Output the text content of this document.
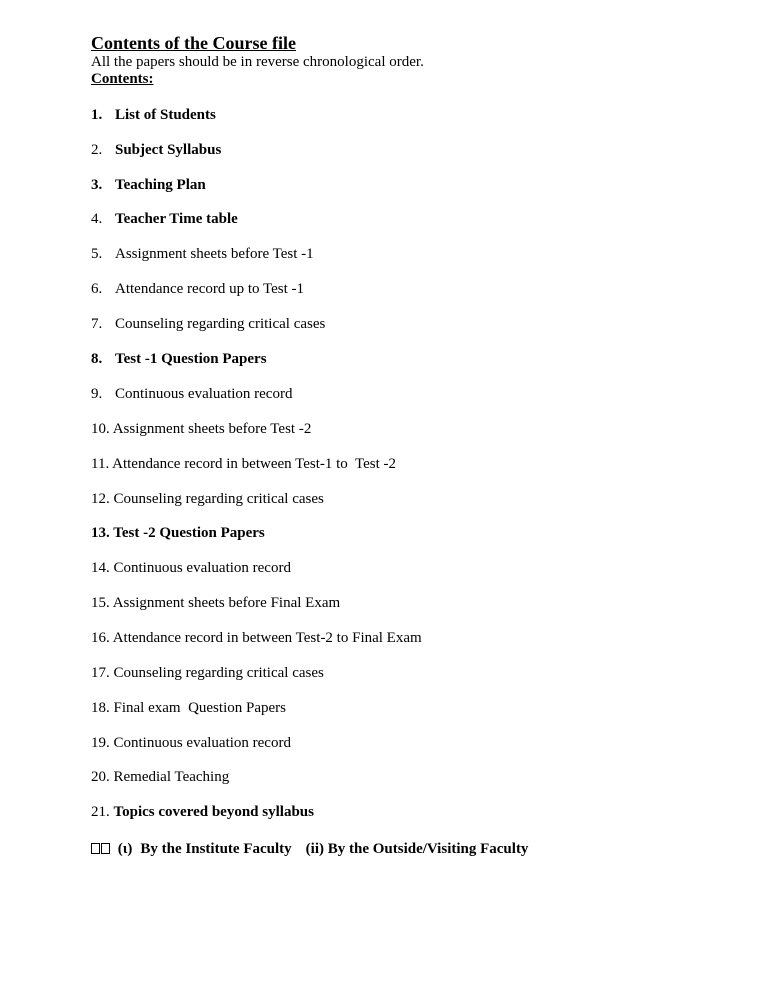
Contents of the Course file

All the papers should be in reverse chronological order.

Contents:

1. List of Students
2. Subject Syllabus
3. Teaching Plan
4. Teacher Time table
5. Assignment sheets before Test -1
6. Attendance record up to Test -1
7. Counseling regarding critical cases
8. Test -1 Question Papers
9. Continuous evaluation record
10. Assignment sheets before Test -2
11. Attendance record in between Test-1 to  Test -2
12. Counseling regarding critical cases
13. Test -2 Question Papers
14. Continuous evaluation record
15. Assignment sheets before Final Exam
16. Attendance record in between Test-2 to Final Exam
17. Counseling regarding critical cases
18. Final exam  Question Papers
19. Continuous evaluation record
20. Remedial Teaching
21. Topics covered beyond syllabus
(ι) By the Institute Faculty (ii) By the Outside/Visiting Faculty
